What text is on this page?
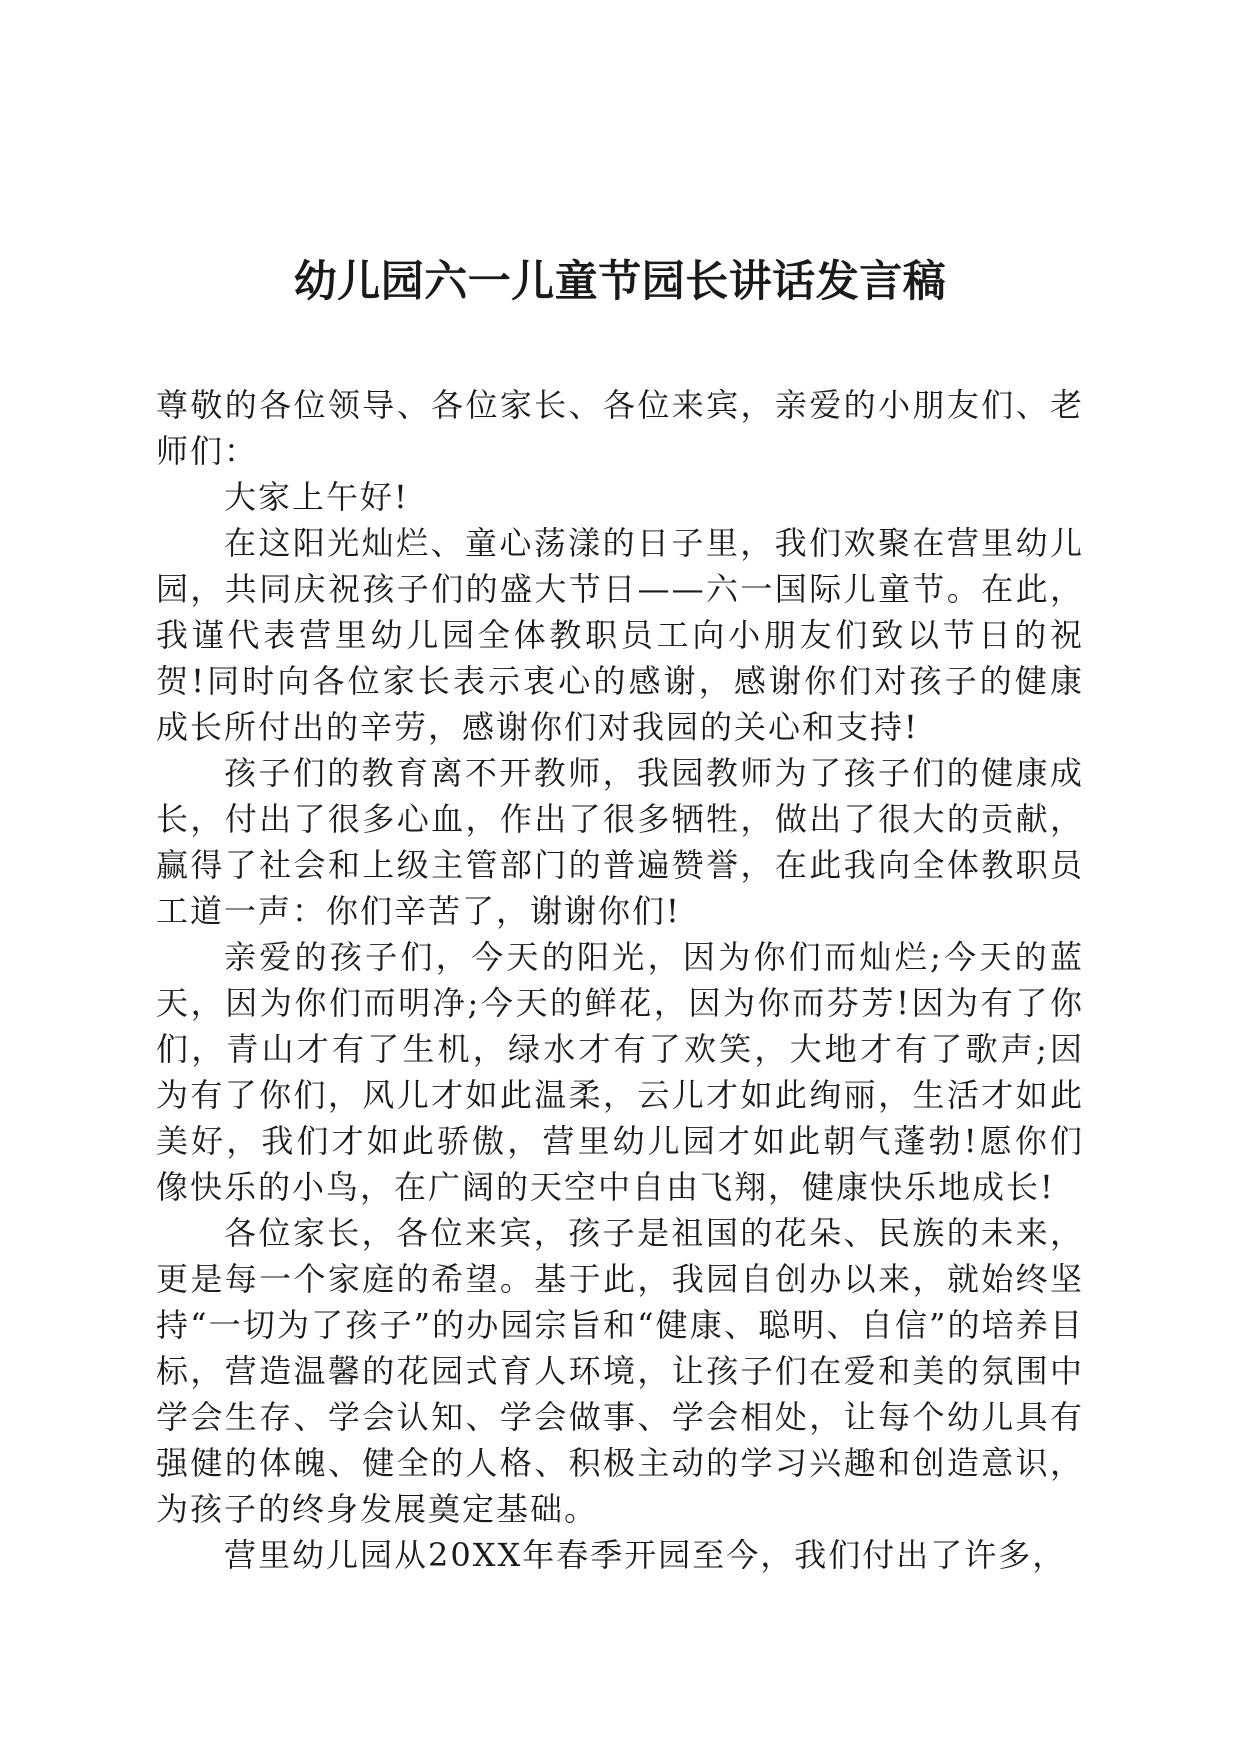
幼儿园六一儿童节园长讲话发言稿

尊敬的各位领导、各位家长、各位来宾，亲爱的小朋友们、老师们：

大家上午好!

在这阳光灿烂、童心荡漾的日子里，我们欢聚在营里幼儿园，共同庆祝孩子们的盛大节日——六一国际儿童节。在此，我谨代表营里幼儿园全体教职员工向小朋友们致以节日的祝贺!同时向各位家长表示衷心的感谢，感谢你们对孩子的健康成长所付出的辛劳，感谢你们对我园的关心和支持!

孩子们的教育离不开教师，我园教师为了孩子们的健康成长，付出了很多心血，作出了很多牺牲，做出了很大的贡献，赢得了社会和上级主管部门的普遍赞誉，在此我向全体教职员工道一声：你们辛苦了，谢谢你们!

亲爱的孩子们，今天的阳光，因为你们而灿烂;今天的蓝天，因为你们而明净;今天的鲜花，因为你而芬芳!因为有了你们，青山才有了生机，绿水才有了欢笑，大地才有了歌声;因为有了你们，风儿才如此温柔，云儿才如此绚丽，生活才如此美好，我们才如此骄傲，营里幼儿园才如此朝气蓬勃!愿你们像快乐的小鸟，在广阔的天空中自由飞翔，健康快乐地成长!

各位家长，各位来宾，孩子是祖国的花朵、民族的未来，更是每一个家庭的希望。基于此，我园自创办以来，就始终坚持“一切为了孩子”的办园宗旨和“健康、聪明、自信”的培养目标，营造温馨的花园式育人环境，让孩子们在爱和美的氛围中学会生存、学会认知、学会做事、学会相处，让每个幼儿具有强健的体魄、健全的人格、积极主动的学习兴趣和创造意识，为孩子的终身发展奠定基础。

营里幼儿园从20XX年春季开园至今，我们付出了许多，
